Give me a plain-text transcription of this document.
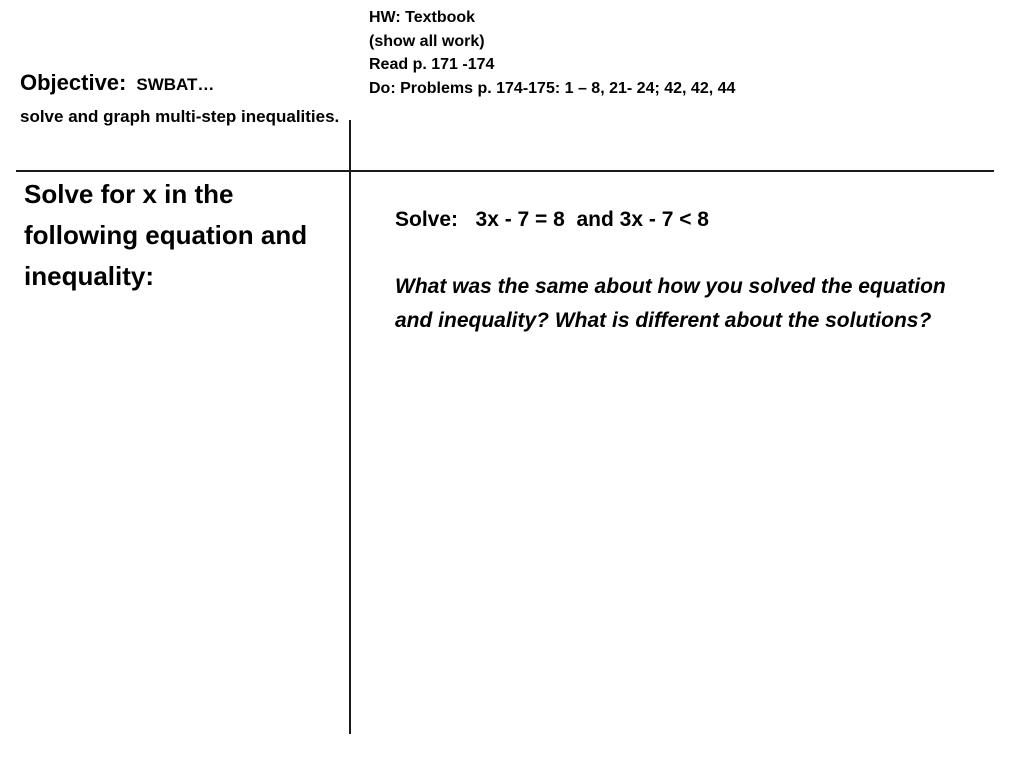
HW: Textbook
(show all work)
Read p. 171 -174
Do: Problems p. 174-175: 1 – 8, 21- 24; 42, 42, 44
Objective: SWBAT…
solve and graph multi-step inequalities.
Solve for x in the following equation and inequality:
Solve:   3x - 7 = 8  and 3x - 7 < 8
What was the same about how you solved the equation and inequality? What is different about the solutions?
